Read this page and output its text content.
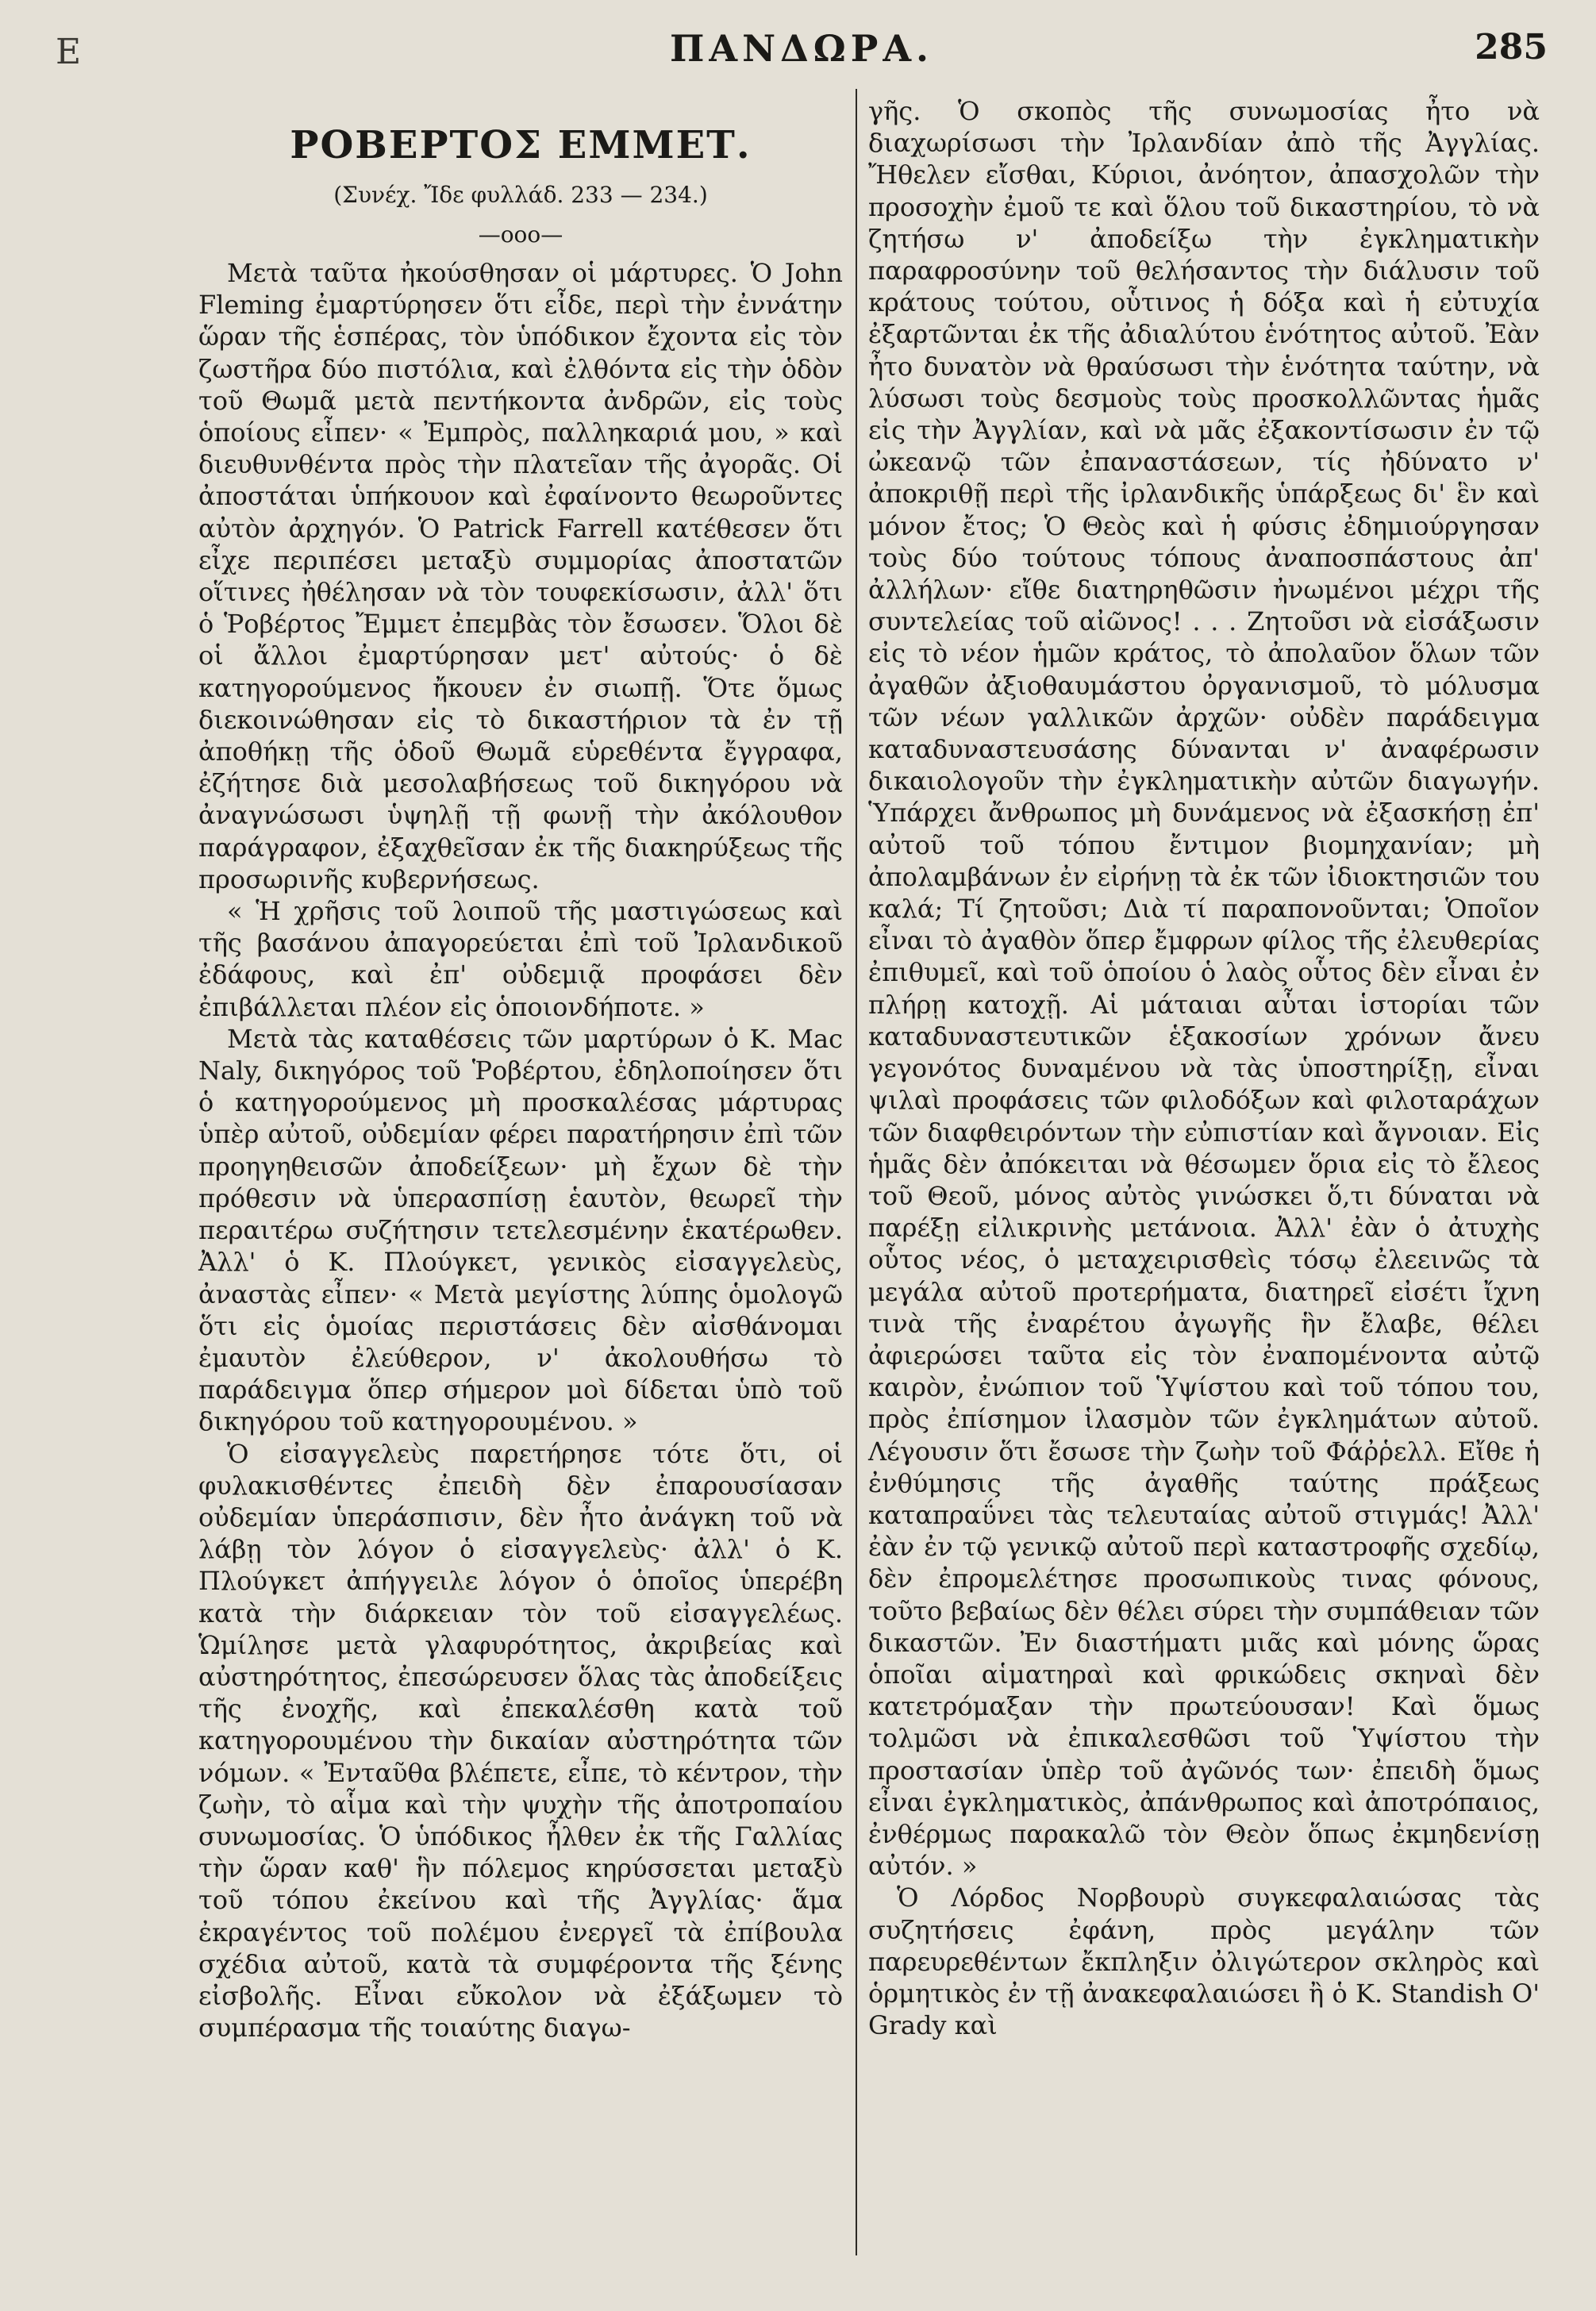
Ε	ΠΑΝΔΩΡΑ.	285
ΡΟΒΕΡΤΟΣ ΕΜΜΕΤ.
(Συνέχ. Ἴδε φυλλάδ. 233 — 234.)
—ooo—

Μετὰ ταῦτα ἠκούσθησαν οἱ μάρτυρες. Ὁ John Fleming ἐμαρτύρησεν ὅτι εἶδε, περὶ τὴν ἐννάτην ὥραν τῆς ἑσπέρας, τὸν ὑπόδικον ἔχοντα εἰς τὸν ζωστῆρα δύο πιστόλια, καὶ ἐλθόντα εἰς τὴν ὁδὸν τοῦ Θωμᾶ μετὰ πεντήκοντα ἀνδρῶν, εἰς τοὺς ὁποίους εἶπεν· « Ἐμπρὸς, παλληκαριά μου, » καὶ διευθυνθέντα πρὸς τὴν πλατεῖαν τῆς ἀγορᾶς. Οἱ ἀποστάται ὑπήκουον καὶ ἐφαίνοντο θεωροῦντες αὐτὸν ἀρχηγόν. Ὁ Patrick Farrell κατέθεσεν ὅτι εἶχε περιπέσει μεταξὺ συμμορίας ἀποστατῶν οἵτινες ἠθέλησαν νὰ τὸν τουφεκίσωσιν, ἀλλ' ὅτι ὁ Ῥοβέρτος Ἔμμετ ἐπεμβὰς τὸν ἔσωσεν. Ὅλοι δὲ οἱ ἄλλοι ἐμαρτύρησαν μετ' αὐτούς· ὁ δὲ κατηγορούμενος ἤκουεν ἐν σιωπῇ. Ὅτε ὅμως διεκοινώθησαν εἰς τὸ δικαστήριον τὰ ἐν τῇ ἀποθήκῃ τῆς ὁδοῦ Θωμᾶ εὑρεθέντα ἔγγραφα, ἐζήτησε διὰ μεσολαβήσεως τοῦ δικηγόρου νὰ ἀναγνώσωσι ὑψηλῇ τῇ φωνῇ τὴν ἀκόλουθον παράγραφον, ἐξαχθεῖσαν ἐκ τῆς διακηρύξεως τῆς προσωρινῆς κυβερνήσεως.

« Ἡ χρῆσις τοῦ λοιποῦ τῆς μαστιγώσεως καὶ τῆς βασάνου ἀπαγορεύεται ἐπὶ τοῦ Ἰρλανδικοῦ ἐδάφους, καὶ ἐπ' οὐδεμιᾷ προφάσει δὲν ἐπιβάλλεται πλέον εἰς ὁποιονδήποτε. »

Μετὰ τὰς καταθέσεις τῶν μαρτύρων ὁ Κ. Mac Naly, δικηγόρος τοῦ Ῥοβέρτου, ἐδηλοποίησεν ὅτι ὁ κατηγορούμενος μὴ προσκαλέσας μάρτυρας ὑπὲρ αὐτοῦ, οὐδεμίαν φέρει παρατήρησιν ἐπὶ τῶν προηγηθεισῶν ἀποδείξεων· μὴ ἔχων δὲ τὴν πρόθεσιν νὰ ὑπερασπίσῃ ἑαυτὸν, θεωρεῖ τὴν περαιτέρω συζήτησιν τετελεσμένην ἑκατέρωθεν. Ἀλλ' ὁ Κ. Πλούγκετ, γενικὸς εἰσαγγελεὺς, ἀναστὰς εἶπεν· « Μετὰ μεγίστης λύπης ὁμολογῶ ὅτι εἰς ὁμοίας περιστάσεις δὲν αἰσθάνομαι ἐμαυτὸν ἐλεύθερον, ν' ἀκολουθήσω τὸ παράδειγμα ὅπερ σήμερον μοὶ δίδεται ὑπὸ τοῦ δικηγόρου τοῦ κατηγορουμένου. »

Ὁ εἰσαγγελεὺς παρετήρησε τότε ὅτι, οἱ φυλακισθέντες ἐπειδὴ δὲν ἐπαρουσίασαν οὐδεμίαν ὑπεράσπισιν, δὲν ἦτο ἀνάγκη τοῦ νὰ λάβῃ τὸν λόγον ὁ εἰσαγγελεὺς· ἀλλ' ὁ Κ. Πλούγκετ ἀπήγγειλε λόγον ὁ ὁποῖος ὑπερέβη κατὰ τὴν διάρκειαν τὸν τοῦ εἰσαγγελέως. Ὡμίλησε μετὰ γλαφυρότητος, ἀκριβείας καὶ αὐστηρότητος, ἐπεσώρευσεν ὅλας τὰς ἀποδείξεις τῆς ἐνοχῆς, καὶ ἐπεκαλέσθη κατὰ τοῦ κατηγορουμένου τὴν δικαίαν αὐστηρότητα τῶν νόμων. « Ἐνταῦθα βλέπετε, εἶπε, τὸ κέντρον, τὴν ζωὴν, τὸ αἷμα καὶ τὴν ψυχὴν τῆς ἀποτροπαίου συνωμοσίας. Ὁ ὑπόδικος ἦλθεν ἐκ τῆς Γαλλίας τὴν ὥραν καθ' ἣν πόλεμος κηρύσσεται μεταξὺ τοῦ τόπου ἐκείνου καὶ τῆς Ἀγγλίας· ἅμα ἐκραγέντος τοῦ πολέμου ἐνεργεῖ τὰ ἐπίβουλα σχέδια αὐτοῦ, κατὰ τὰ συμφέροντα τῆς ξένης εἰσβολῆς. Εἶναι εὔκολον νὰ ἐξάξωμεν τὸ συμπέρασμα τῆς τοιαύτης διαγω-

γῆς. Ὁ σκοπὸς τῆς συνωμοσίας ἦτο νὰ διαχωρίσωσι τὴν Ἰρλανδίαν ἀπὸ τῆς Ἀγγλίας. Ἤθελεν εἴσθαι, Κύριοι, ἀνόητον, ἀπασχολῶν τὴν προσοχὴν ἐμοῦ τε καὶ ὅλου τοῦ δικαστηρίου, τὸ νὰ ζητήσω ν' ἀποδείξω τὴν ἐγκληματικὴν παραφροσύνην τοῦ θελήσαντος τὴν διάλυσιν τοῦ κράτους τούτου, οὗτινος ἡ δόξα καὶ ἡ εὐτυχία ἐξαρτῶνται ἐκ τῆς ἀδιαλύτου ἑνότητος αὐτοῦ. Ἐὰν ἦτο δυνατὸν νὰ θραύσωσι τὴν ἑνότητα ταύτην, νὰ λύσωσι τοὺς δεσμοὺς τοὺς προσκολλῶντας ἡμᾶς εἰς τὴν Ἀγγλίαν, καὶ νὰ μᾶς ἐξακοντίσωσιν ἐν τῷ ὠκεανῷ τῶν ἐπαναστάσεων, τίς ἠδύνατο ν' ἀποκριθῇ περὶ τῆς ἰρλανδικῆς ὑπάρξεως δι' ἓν καὶ μόνον ἔτος; Ὁ Θεὸς καὶ ἡ φύσις ἐδημιούργησαν τοὺς δύο τούτους τόπους ἀναποσπάστους ἀπ' ἀλλήλων· εἴθε διατηρηθῶσιν ἠνωμένοι μέχρι τῆς συντελείας τοῦ αἰῶνος! . . . Ζητοῦσι νὰ εἰσάξωσιν εἰς τὸ νέον ἡμῶν κράτος, τὸ ἀπολαῦον ὅλων τῶν ἀγαθῶν ἀξιοθαυμάστου ὀργανισμοῦ, τὸ μόλυσμα τῶν νέων γαλλικῶν ἀρχῶν· οὐδὲν παράδειγμα καταδυναστευσάσης δύνανται ν' ἀναφέρωσιν δικαιολογοῦν τὴν ἐγκληματικὴν αὐτῶν διαγωγήν. Ὑπάρχει ἄνθρωπος μὴ δυνάμενος νὰ ἐξασκήσῃ ἐπ' αὐτοῦ τοῦ τόπου ἔντιμον βιομηχανίαν; μὴ ἀπολαμβάνων ἐν εἰρήνῃ τὰ ἐκ τῶν ἰδιοκτησιῶν του καλά; Τί ζητοῦσι; Διὰ τί παραπονοῦνται; Ὁποῖον εἶναι τὸ ἀγαθὸν ὅπερ ἔμφρων φίλος τῆς ἐλευθερίας ἐπιθυμεῖ, καὶ τοῦ ὁποίου ὁ λαὸς οὗτος δὲν εἶναι ἐν πλήρῃ κατοχῇ. Αἱ μάταιαι αὗται ἱστορίαι τῶν καταδυναστευτικῶν ἑξακοσίων χρόνων ἄνευ γεγονότος δυναμένου νὰ τὰς ὑποστηρίξῃ, εἶναι ψιλαὶ προφάσεις τῶν φιλοδόξων καὶ φιλοταράχων τῶν διαφθειρόντων τὴν εὐπιστίαν καὶ ἄγνοιαν. Εἰς ἡμᾶς δὲν ἀπόκειται νὰ θέσωμεν ὅρια εἰς τὸ ἔλεος τοῦ Θεοῦ, μόνος αὐτὸς γινώσκει ὅ,τι δύναται νὰ παρέξῃ εἰλικρινὴς μετάνοια. Ἀλλ' ἐὰν ὁ ἀτυχὴς οὗτος νέος, ὁ μεταχειρισθεὶς τόσῳ ἐλεεινῶς τὰ μεγάλα αὐτοῦ προτερήματα, διατηρεῖ εἰσέτι ἴχνη τινὰ τῆς ἐναρέτου ἀγωγῆς ἣν ἔλαβε, θέλει ἀφιερώσει ταῦτα εἰς τὸν ἐναπομένοντα αὐτῷ καιρὸν, ἐνώπιον τοῦ Ὑψίστου καὶ τοῦ τόπου του, πρὸς ἐπίσημον ἱλασμὸν τῶν ἐγκλημάτων αὐτοῦ. Λέγουσιν ὅτι ἔσωσε τὴν ζωὴν τοῦ Φάῤῥελλ. Εἴθε ἡ ἐνθύμησις τῆς ἀγαθῆς ταύτης πράξεως καταπραΰνει τὰς τελευταίας αὐτοῦ στιγμάς! Ἀλλ' ἐὰν ἐν τῷ γενικῷ αὐτοῦ περὶ καταστροφῆς σχεδίῳ, δὲν ἐπρομελέτησε προσωπικοὺς τινας φόνους, τοῦτο βεβαίως δὲν θέλει σύρει τὴν συμπάθειαν τῶν δικαστῶν. Ἐν διαστήματι μιᾶς καὶ μόνης ὥρας ὁποῖαι αἱματηραὶ καὶ φρικώδεις σκηναὶ δὲν κατετρόμαξαν τὴν πρωτεύουσαν! Καὶ ὅμως τολμῶσι νὰ ἐπικαλεσθῶσι τοῦ Ὑψίστου τὴν προστασίαν ὑπὲρ τοῦ ἀγῶνός των· ἐπειδὴ ὅμως εἶναι ἐγκληματικὸς, ἀπάνθρωπος καὶ ἀποτρόπαιος, ἐνθέρμως παρακαλῶ τὸν Θεὸν ὅπως ἐκμηδενίσῃ αὐτόν. »

Ὁ Λόρδος Νορβουρὺ συγκεφαλαιώσας τὰς συζητήσεις ἐφάνη, πρὸς μεγάλην τῶν παρευρεθέντων ἔκπληξιν ὀλιγώτερον σκληρὸς καὶ ὁρμητικὸς ἐν τῇ ἀνακεφαλαιώσει ἢ ὁ Κ. Standish O' Grady καὶ
